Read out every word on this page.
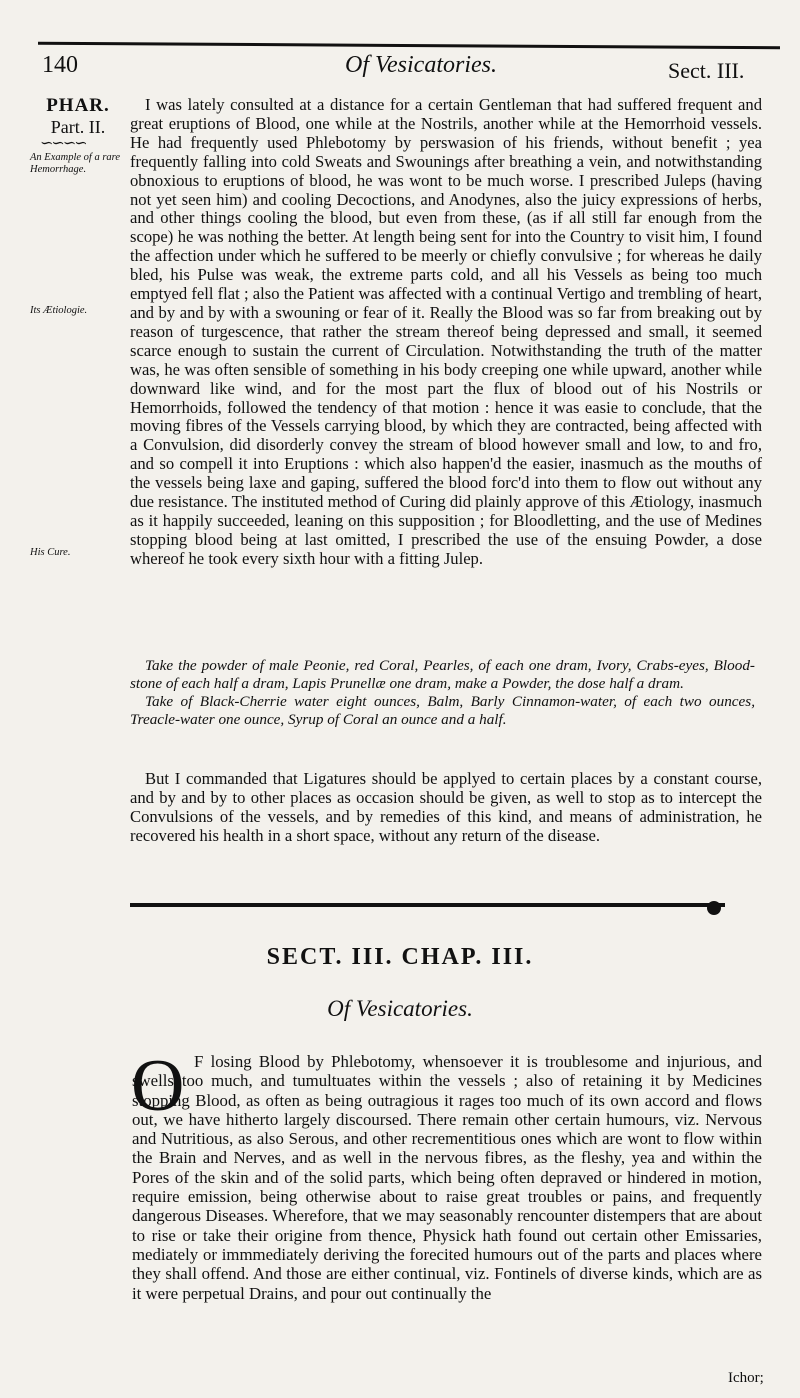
140	Of Vesicatories.	Sect. III.
PHAR.
Part. II.
∽∽∽∽
An Example of a rare Hemorrhage.
Its Ætiologie.
His Cure.

I was lately consulted at a distance for a certain Gentleman that had suffered frequent and great eruptions of Blood, one while at the Nostrils, another while at the Hemorrhoid vessels. He had frequently used Phlebotomy by perswasion of his friends, without benefit ; yea frequently falling into cold Sweats and Swounings after breathing a vein, and notwithstanding obnoxious to eruptions of blood, he was wont to be much worse. I prescribed Juleps (having not yet seen him) and cooling Decoctions, and Anodynes, also the juicy expressions of herbs, and other things cooling the blood, but even from these, (as if all still far enough from the scope) he was nothing the better. At length being sent for into the Country to visit him, I found the affection under which he suffered to be meerly or chiefly convulsive ; for whereas he daily bled, his Pulse was weak, the extreme parts cold, and all his Vessels as being too much emptyed fell flat ; also the Patient was affected with a continual Vertigo and trembling of heart, and by and by with a swouning or fear of it. Really the Blood was so far from breaking out by reason of turgescence, that rather the stream thereof being depressed and small, it seemed scarce enough to sustain the current of Circulation. Notwithstanding the truth of the matter was, he was often sensible of something in his body creeping one while upward, another while downward like wind, and for the most part the flux of blood out of his Nostrils or Hemorrhoids, followed the tendency of that motion : hence it was easie to conclude, that the moving fibres of the Vessels carrying blood, by which they are contracted, being affected with a Convulsion, did disorderly convey the stream of blood however small and low, to and fro, and so compell it into Eruptions : which also happen'd the easier, inasmuch as the mouths of the vessels being laxe and gaping, suffered the blood forc'd into them to flow out without any due resistance. The instituted method of Curing did plainly approve of this Ætiology, inasmuch as it happily succeeded, leaning on this supposition ; for Bloodletting, and the use of Medines stopping blood being at last omitted, I prescribed the use of the ensuing Powder, a dose whereof he took every sixth hour with a fitting Julep.

Take the powder of male Peonie, red Coral, Pearles, of each one dram, Ivory, Crabs-eyes, Blood-stone of each half a dram, Lapis Prunellæ one dram, make a Powder, the dose half a dram.

Take of Black-Cherrie water eight ounces, Balm, Barly Cinnamon-water, of each two ounces, Treacle-water one ounce, Syrup of Coral an ounce and a half.

But I commanded that Ligatures should be applyed to certain places by a constant course, and by and by to other places as occasion should be given, as well to stop as to intercept the Convulsions of the vessels, and by remedies of this kind, and means of administration, he recovered his health in a short space, without any return of the disease.

SECT. III. CHAP. III.
Of Vesicatories.
O F losing Blood by Phlebotomy, whensoever it is troublesome and injurious, and swells too much, and tumultuates within the vessels ; also of retaining it by Medicines stopping Blood, as often as being outragious it rages too much of its own accord and flows out, we have hitherto largely discoursed. There remain other certain humours, viz. Nervous and Nutritious, as also Serous, and other recrementitious ones which are wont to flow within the Brain and Nerves, and as well in the nervous fibres, as the fleshy, yea and within the Pores of the skin and of the solid parts, which being often depraved or hindered in motion, require emission, being otherwise about to raise great troubles or pains, and frequently dangerous Diseases. Wherefore, that we may seasonably rencounter distempers that are about to rise or take their origine from thence, Physick hath found out certain other Emissaries, mediately or immmediately deriving the forecited humours out of the parts and places where they shall offend. And those are either continual, viz. Fontinels of diverse kinds, which are as it were perpetual Drains, and pour out continually the

Ichor;
